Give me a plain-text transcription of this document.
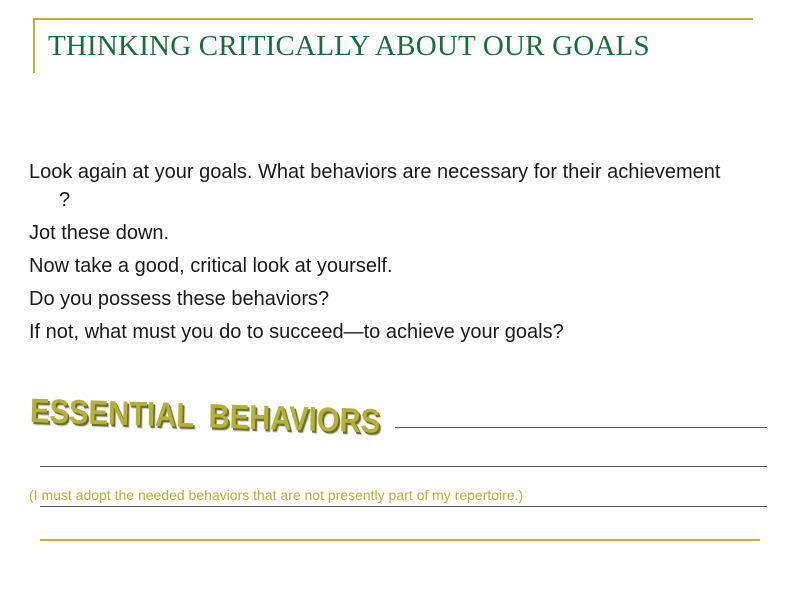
THINKING CRITICALLY ABOUT OUR GOALS
Look again at your goals. What behaviors are necessary for their achievement ?
Jot these down.
Now take a good, critical look at yourself.
Do you possess these behaviors?
If not, what must you do to succeed—to achieve your goals?
ESSENTIAL BEHAVIORS

(I must adopt the needed behaviors that are not presently part of my repertoire.)
